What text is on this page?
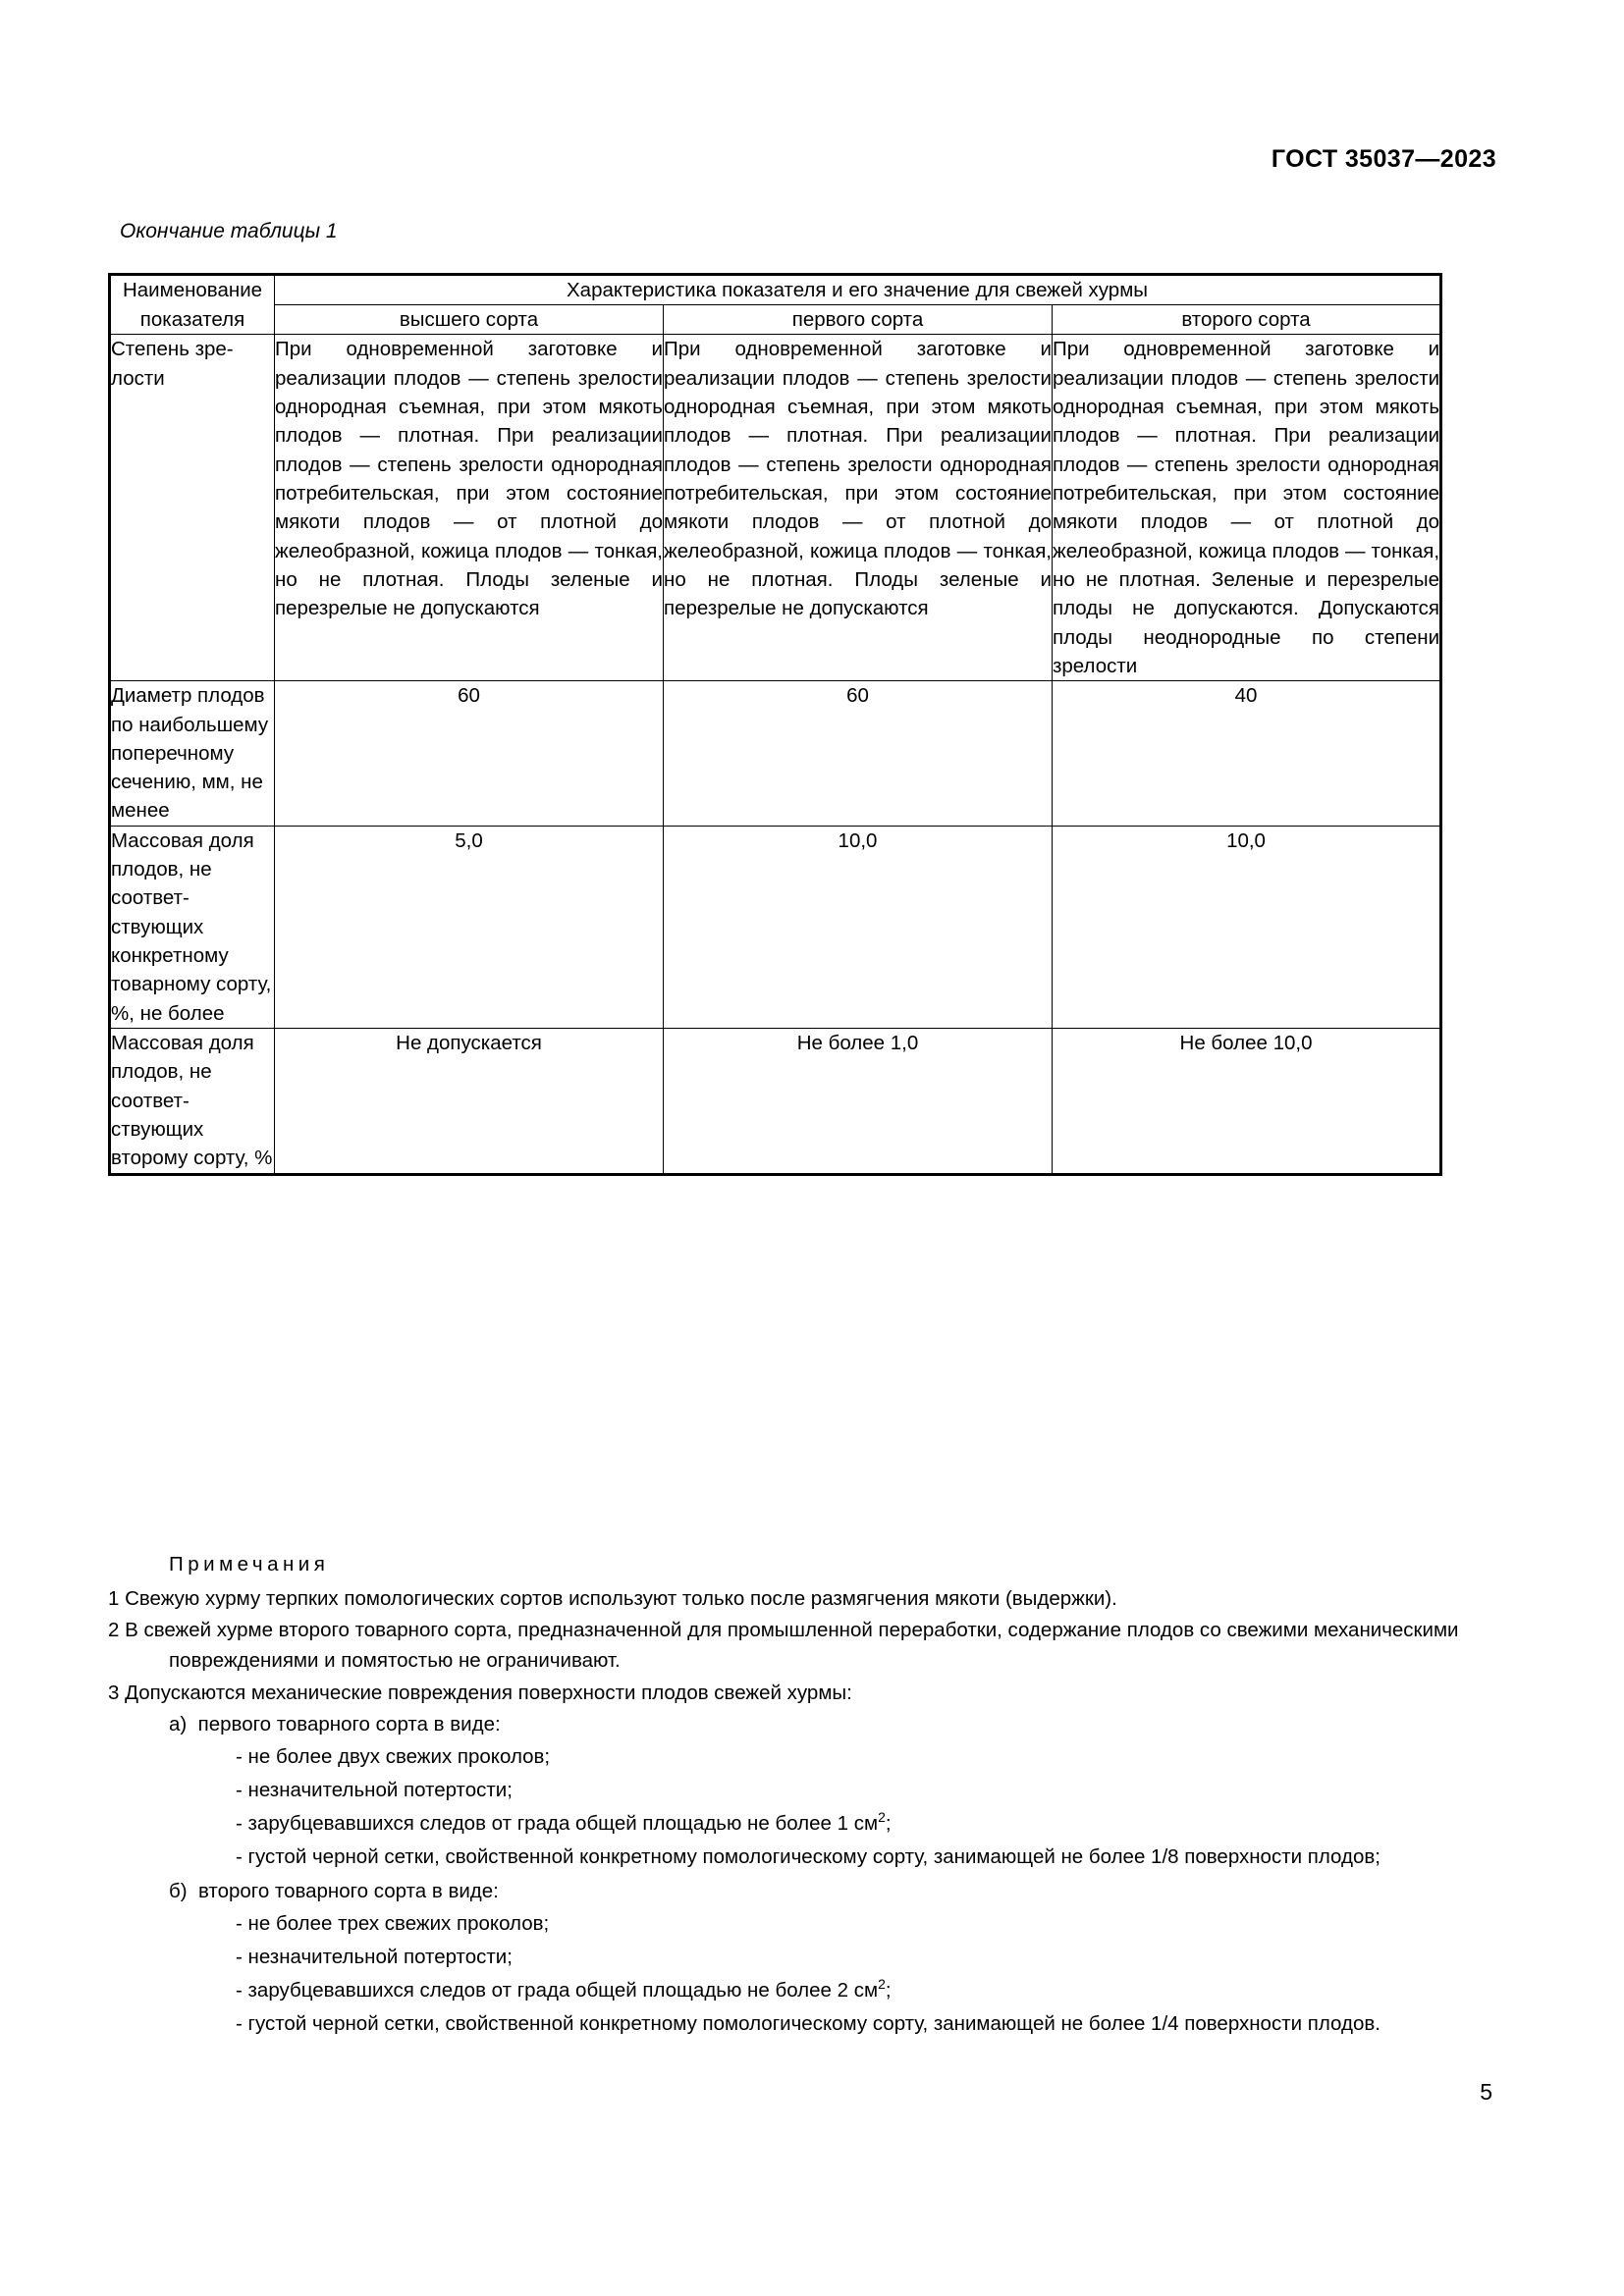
ГОСТ 35037—2023
Окончание таблицы 1
Наименование показателя	Характеристика показателя и его значение для свежей хурмы		
	высшего сорта	первого сорта	второго сорта
Степень зрелости	При одновременной заготовке и реализации плодов — степень зрелости однородная съемная, при этом мякоть плодов — плотная. При реализации плодов — степень зрелости однородная потребительская, при этом состояние мякоти плодов — от плотной до желеобразной, кожица плодов — тонкая, но не плотная. Плоды зеленые и перезрелые не допускаются	При одновременной заготовке и реализации плодов — степень зрелости однородная съемная, при этом мякоть плодов — плотная. При реализации плодов — степень зрелости однородная потребительская, при этом состояние мякоти плодов — от плотной до желеобразной, кожица плодов — тонкая, но не плотная. Плоды зеленые и перезрелые не допускаются	При одновременной заготовке и реализации плодов — степень зрелости однородная съемная, при этом мякоть плодов — плотная. При реализации плодов — степень зрелости однородная потребительская, при этом состояние мякоти плодов — от плотной до желеобразной, кожица плодов — тонкая, но не плотная. Зеленые и перезрелые плоды не допускаются. Допускаются плоды неоднородные по степени зрелости
Диаметр плодов по наибольшему поперечному сечению, мм, не менее	60	60	40
Массовая доля плодов, не соответствующих конкретному товарному сорту, %, не более	5,0	10,0	10,0
Массовая доля плодов, не соответствующих второму сорту, %	Не допускается	Не более 1,0	Не более 10,0
Примечания
1 Свежую хурму терпких помологических сортов используют только после размягчения мякоти (выдержки).
2 В свежей хурме второго товарного сорта, предназначенной для промышленной переработки, содержание плодов со свежими механическими повреждениями и помятостью не ограничивают.
3 Допускаются механические повреждения поверхности плодов свежей хурмы:
а) первого товарного сорта в виде:
- не более двух свежих проколов;
- незначительной потертости;
- зарубцевавшихся следов от града общей площадью не более 1 $см^2$;
- густой черной сетки, свойственной конкретному помологическому сорту, занимающей не более 1/8 поверхности плодов;
б) второго товарного сорта в виде:
- не более трех свежих проколов;
- незначительной потертости;
- зарубцевавшихся следов от града общей площадью не более 2 $см^2$;
- густой черной сетки, свойственной конкретному помологическому сорту, занимающей не более 1/4 поверхности плодов.
5
